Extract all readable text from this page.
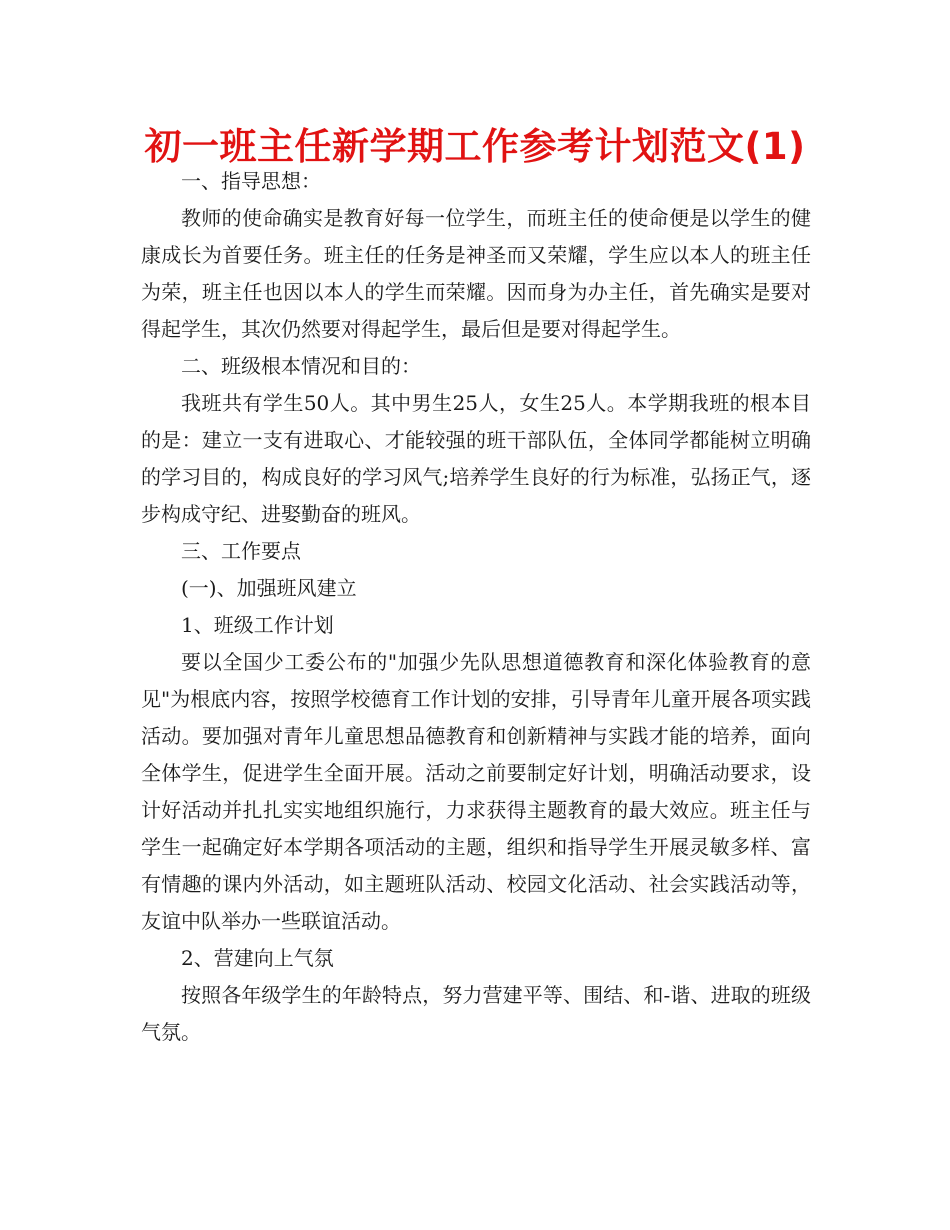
初一班主任新学期工作参考计划范文(1)

一、指导思想：

教师的使命确实是教育好每一位学生，而班主任的使命便是以学生的健康成长为首要任务。班主任的任务是神圣而又荣耀，学生应以本人的班主任为荣，班主任也因以本人的学生而荣耀。因而身为办主任，首先确实是要对得起学生，其次仍然要对得起学生，最后但是要对得起学生。

二、班级根本情况和目的：

我班共有学生50人。其中男生25人，女生25人。本学期我班的根本目的是：建立一支有进取心、才能较强的班干部队伍，全体同学都能树立明确的学习目的，构成良好的学习风气;培养学生良好的行为标准，弘扬正气，逐步构成守纪、进娶勤奋的班风。

三、工作要点

(一)、加强班风建立

1、班级工作计划

要以全国少工委公布的"加强少先队思想道德教育和深化体验教育的意见"为根底内容，按照学校德育工作计划的安排，引导青年儿童开展各项实践活动。要加强对青年儿童思想品德教育和创新精神与实践才能的培养，面向全体学生，促进学生全面开展。活动之前要制定好计划，明确活动要求，设计好活动并扎扎实实地组织施行，力求获得主题教育的最大效应。班主任与学生一起确定好本学期各项活动的主题，组织和指导学生开展灵敏多样、富有情趣的课内外活动，如主题班队活动、校园文化活动、社会实践活动等，友谊中队举办一些联谊活动。

2、营建向上气氛

按照各年级学生的年龄特点，努力营建平等、围结、和-谐、进取的班级气氛。
